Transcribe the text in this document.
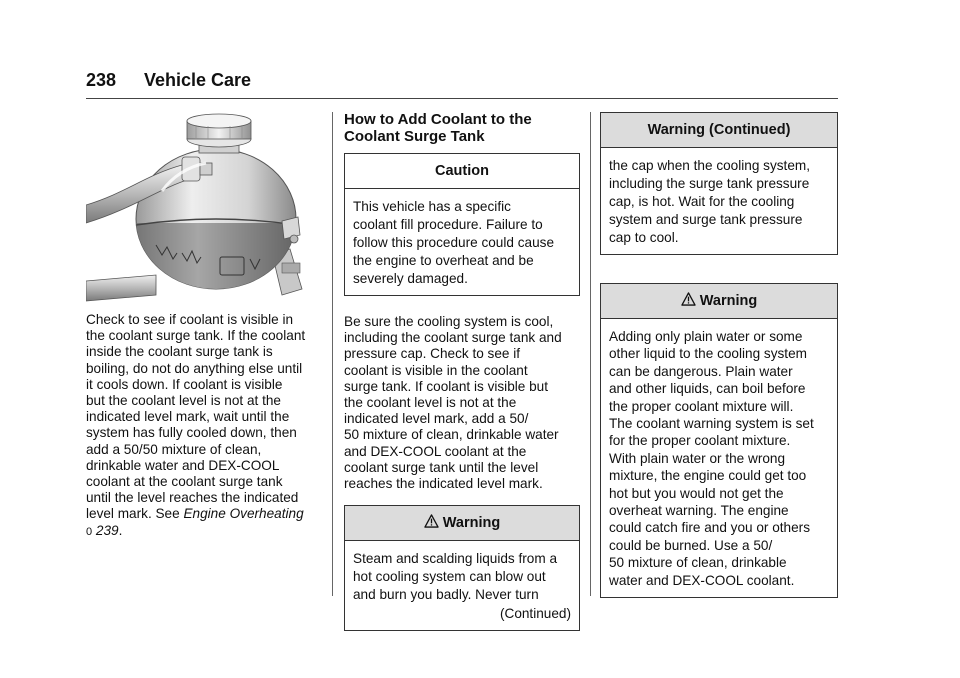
238 Vehicle Care

Check to see if coolant is visible in

the coolant surge tank. If the coolant

inside the coolant surge tank is

boiling, do not do anything else until

it cools down. If coolant is visible

but the coolant level is not at the

indicated level mark, wait until the

system has fully cooled down, then

add a 50/50 mixture of clean,

drinkable water and DEX-COOL

coolant at the coolant surge tank

until the level reaches the indicated

level mark. See Engine Overheating

0 239.

How to Add Coolant to the
Coolant Surge Tank
Caution
This vehicle has a specific
coolant fill procedure. Failure to
follow this procedure could cause
the engine to overheat and be
severely damaged.

Be sure the cooling system is cool,

including the coolant surge tank and

pressure cap. Check to see if

coolant is visible in the coolant

surge tank. If coolant is visible but

the coolant level is not at the

indicated level mark, add a 50/

50 mixture of clean, drinkable water

and DEX-COOL coolant at the

coolant surge tank until the level

reaches the indicated level mark.

Warning
Steam and scalding liquids from a
hot cooling system can blow out
and burn you badly. Never turn
(Continued)
Warning (Continued)
the cap when the cooling system,
including the surge tank pressure
cap, is hot. Wait for the cooling
system and surge tank pressure
cap to cool.
Warning
Adding only plain water or some
other liquid to the cooling system
can be dangerous. Plain water
and other liquids, can boil before
the proper coolant mixture will.
The coolant warning system is set
for the proper coolant mixture.
With plain water or the wrong
mixture, the engine could get too
hot but you would not get the
overheat warning. The engine
could catch fire and you or others
could be burned. Use a 50/
50 mixture of clean, drinkable
water and DEX-COOL coolant.
